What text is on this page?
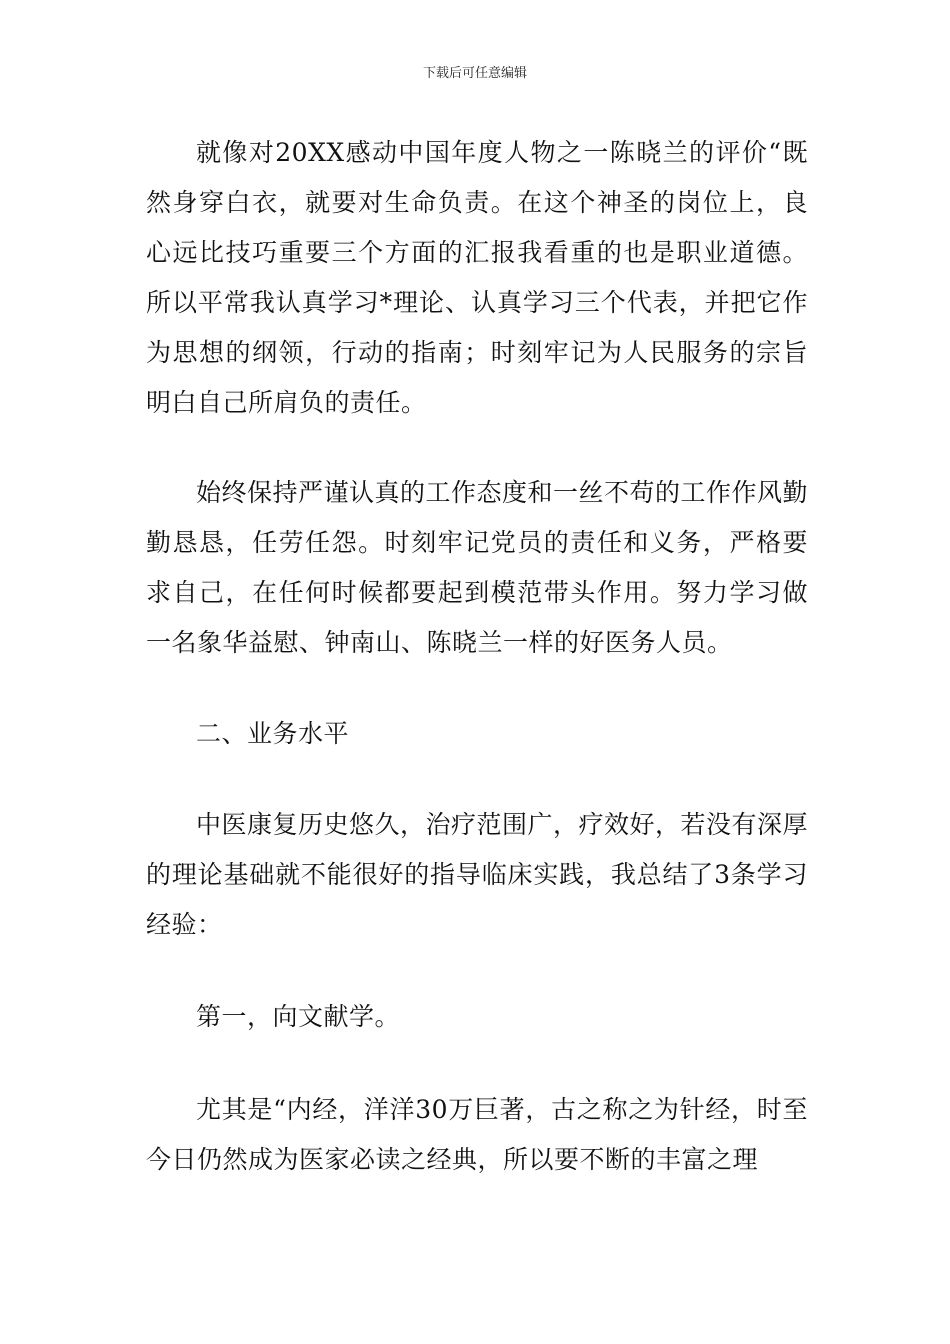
下载后可任意编辑

就像对20XX感动中国年度人物之一陈晓兰的评价“既然身穿白衣，就要对生命负责。在这个神圣的岗位上，良心远比技巧重要三个方面的汇报我看重的也是职业道德。所以平常我认真学习*理论、认真学习三个代表，并把它作为思想的纲领，行动的指南；时刻牢记为人民服务的宗旨明白自己所肩负的责任。

始终保持严谨认真的工作态度和一丝不苟的工作作风勤勤恳恳，任劳任怨。时刻牢记党员的责任和义务，严格要求自己，在任何时候都要起到模范带头作用。努力学习做一名象华益慰、钟南山、陈晓兰一样的好医务人员。

二、业务水平

中医康复历史悠久，治疗范围广，疗效好，若没有深厚的理论基础就不能很好的指导临床实践，我总结了3条学习经验：

第一，向文献学。

尤其是“内经，洋洋30万巨著，古之称之为针经，时至今日仍然成为医家必读之经典，所以要不断的丰富之理
